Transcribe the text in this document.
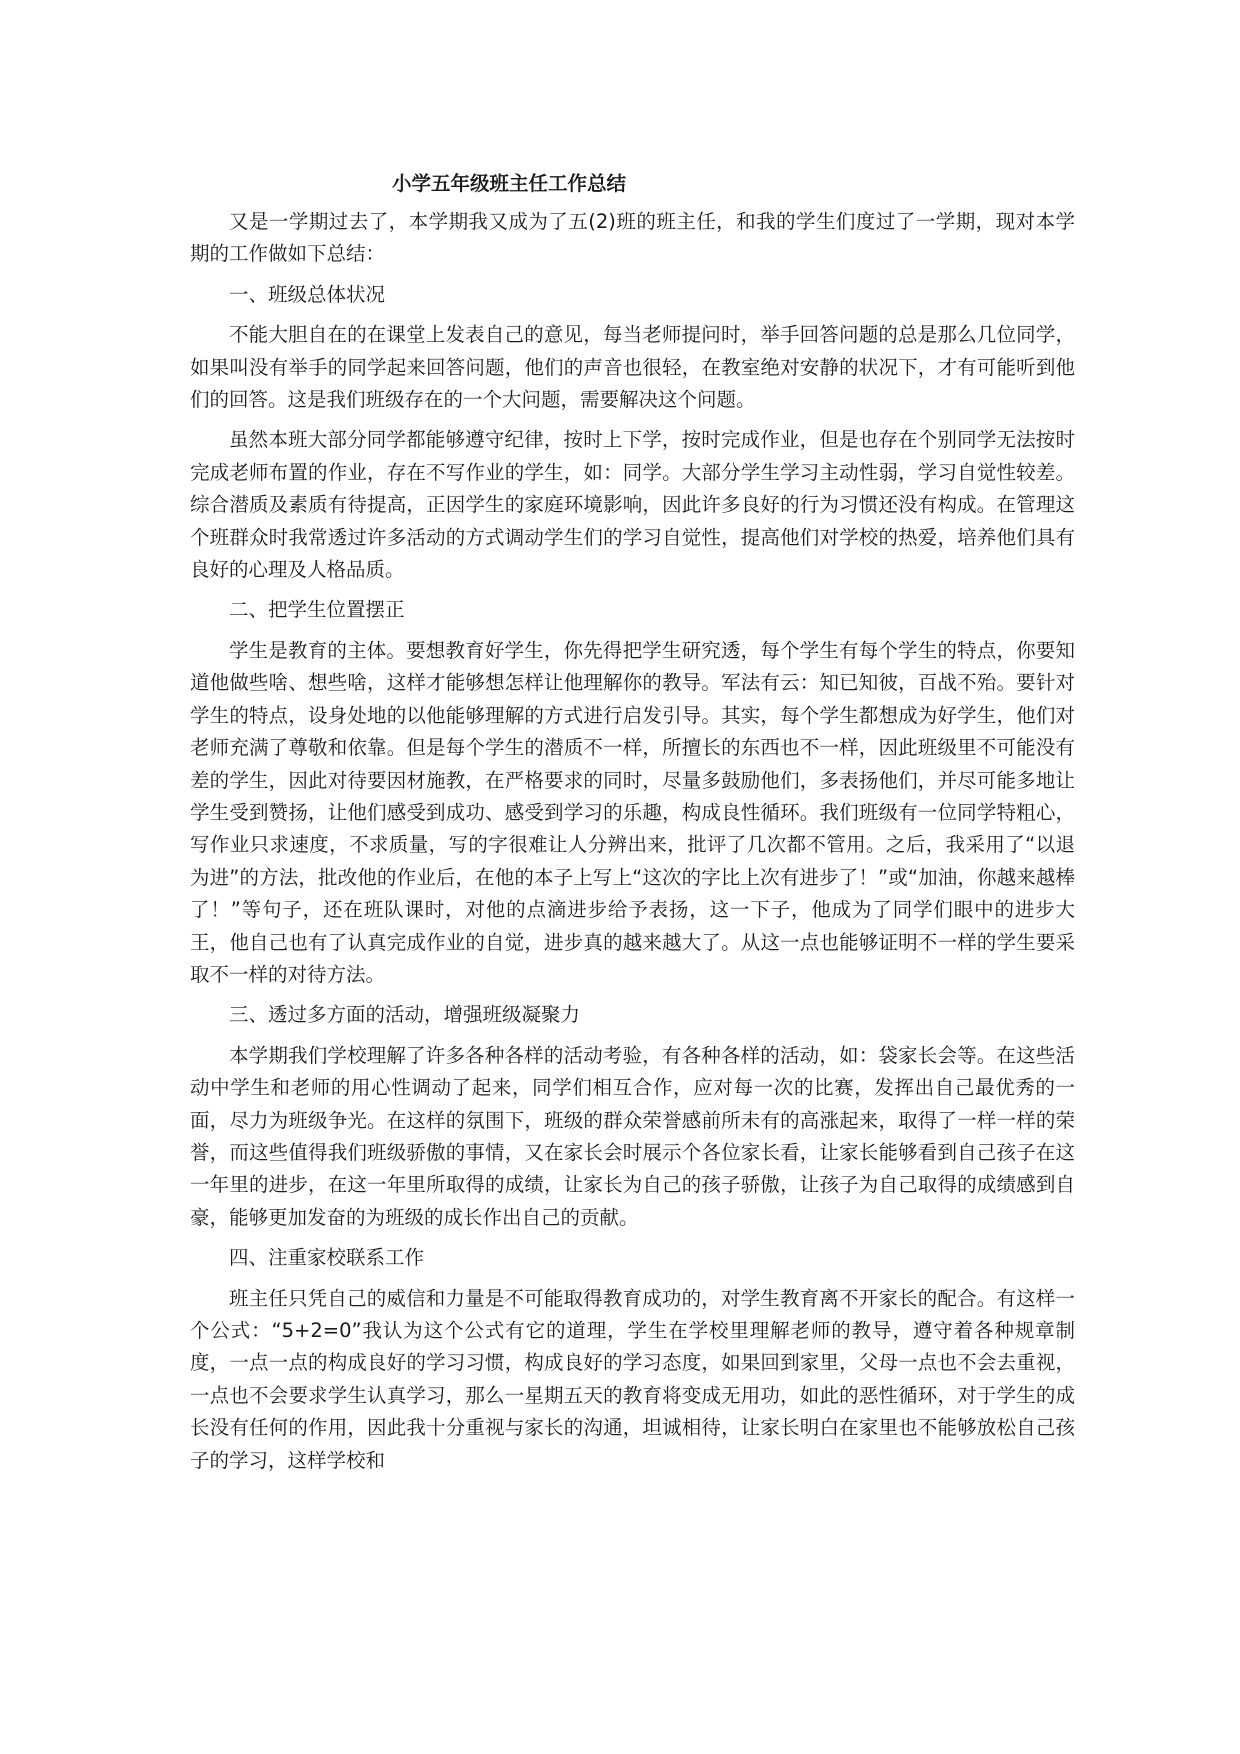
小学五年级班主任工作总结

又是一学期过去了，本学期我又成为了五(2)班的班主任，和我的学生们度过了一学期，现对本学期的工作做如下总结：

一、班级总体状况

不能大胆自在的在课堂上发表自己的意见，每当老师提问时，举手回答问题的总是那么几位同学，如果叫没有举手的同学起来回答问题，他们的声音也很轻，在教室绝对安静的状况下，才有可能听到他们的回答。这是我们班级存在的一个大问题，需要解决这个问题。

虽然本班大部分同学都能够遵守纪律，按时上下学，按时完成作业，但是也存在个别同学无法按时完成老师布置的作业，存在不写作业的学生，如：同学。大部分学生学习主动性弱，学习自觉性较差。综合潜质及素质有待提高，正因学生的家庭环境影响，因此许多良好的行为习惯还没有构成。在管理这个班群众时我常透过许多活动的方式调动学生们的学习自觉性，提高他们对学校的热爱，培养他们具有良好的心理及人格品质。

二、把学生位置摆正

学生是教育的主体。要想教育好学生，你先得把学生研究透，每个学生有每个学生的特点，你要知道他做些啥、想些啥，这样才能够想怎样让他理解你的教导。军法有云：知已知彼，百战不殆。要针对学生的特点，设身处地的以他能够理解的方式进行启发引导。其实，每个学生都想成为好学生，他们对老师充满了尊敬和依靠。但是每个学生的潜质不一样，所擅长的东西也不一样，因此班级里不可能没有差的学生，因此对待要因材施教，在严格要求的同时，尽量多鼓励他们，多表扬他们，并尽可能多地让学生受到赞扬，让他们感受到成功、感受到学习的乐趣，构成良性循环。我们班级有一位同学特粗心，写作业只求速度，不求质量，写的字很难让人分辨出来，批评了几次都不管用。之后，我采用了“以退为进”的方法，批改他的作业后，在他的本子上写上“这次的字比上次有进步了！”或“加油，你越来越棒了！”等句子，还在班队课时，对他的点滴进步给予表扬，这一下子，他成为了同学们眼中的进步大王，他自己也有了认真完成作业的自觉，进步真的越来越大了。从这一点也能够证明不一样的学生要采取不一样的对待方法。

三、透过多方面的活动，增强班级凝聚力

本学期我们学校理解了许多各种各样的活动考验，有各种各样的活动，如：袋家长会等。在这些活动中学生和老师的用心性调动了起来，同学们相互合作，应对每一次的比赛，发挥出自己最优秀的一面，尽力为班级争光。在这样的氛围下，班级的群众荣誉感前所未有的高涨起来，取得了一样一样的荣誉，而这些值得我们班级骄傲的事情，又在家长会时展示个各位家长看，让家长能够看到自己孩子在这一年里的进步，在这一年里所取得的成绩，让家长为自己的孩子骄傲，让孩子为自己取得的成绩感到自豪，能够更加发奋的为班级的成长作出自己的贡献。

四、注重家校联系工作

班主任只凭自己的威信和力量是不可能取得教育成功的，对学生教育离不开家长的配合。有这样一个公式：“5+2=0”我认为这个公式有它的道理，学生在学校里理解老师的教导，遵守着各种规章制度，一点一点的构成良好的学习习惯，构成良好的学习态度，如果回到家里，父母一点也不会去重视，一点也不会要求学生认真学习，那么一星期五天的教育将变成无用功，如此的恶性循环，对于学生的成长没有任何的作用，因此我十分重视与家长的沟通，坦诚相待，让家长明白在家里也不能够放松自己孩子的学习，这样学校和
